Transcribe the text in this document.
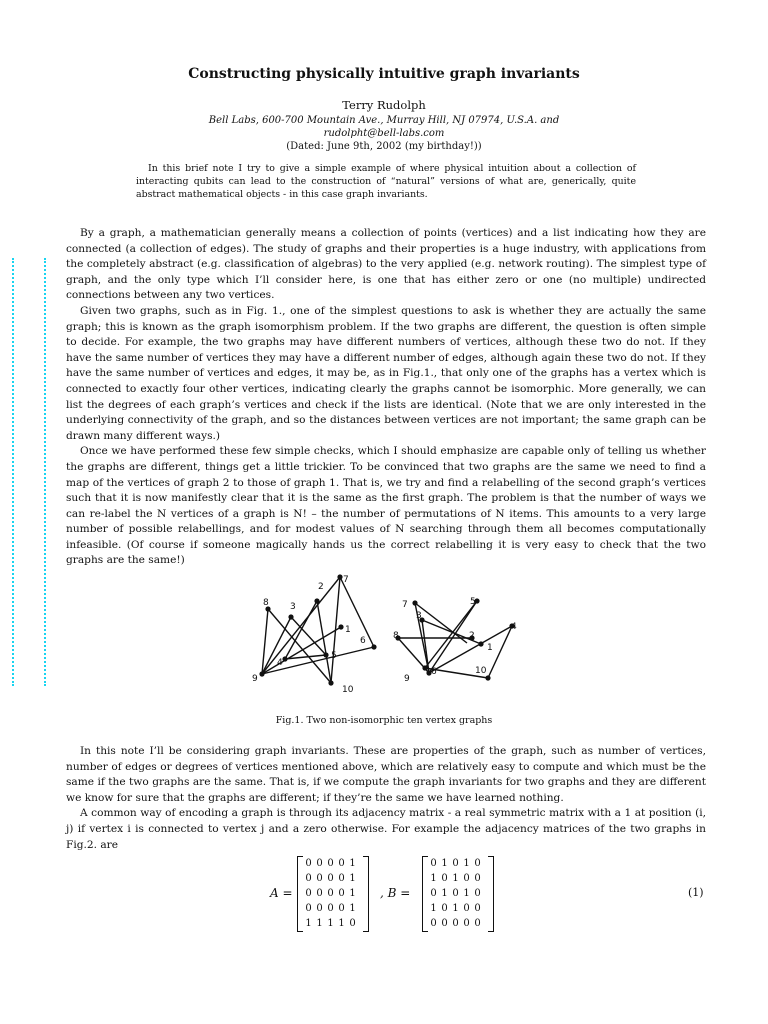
Constructing physically intuitive graph invariants
Terry Rudolph
Bell Labs, 600-700 Mountain Ave., Murray Hill, NJ 07974, U.S.A. and
rudolpht@bell-labs.com
(Dated: June 9th, 2002 (my birthday!))
In this brief note I try to give a simple example of where physical intuition about a collection of interacting qubits can lead to the construction of “natural” versions of what are, generically, quite abstract mathematical objects - in this case graph invariants.

By a graph, a mathematician generally means a collection of points (vertices) and a list indicating how they are connected (a collection of edges). The study of graphs and their properties is a huge industry, with applications from the completely abstract (e.g. classification of algebras) to the very applied (e.g. network routing). The simplest type of graph, and the only type which I’ll consider here, is one that has either zero or one (no multiple) undirected connections between any two vertices.

Given two graphs, such as in Fig. 1., one of the simplest questions to ask is whether they are actually the same graph; this is known as the graph isomorphism problem. If the two graphs are different, the question is often simple to decide. For example, the two graphs may have different numbers of vertices, although these two do not. If they have the same number of vertices they may have a different number of edges, although again these two do not. If they have the same number of vertices and edges, it may be, as in Fig.1., that only one of the graphs has a vertex which is connected to exactly four other vertices, indicating clearly the graphs cannot be isomorphic. More generally, we can list the degrees of each graph’s vertices and check if the lists are identical. (Note that we are only interested in the underlying connectivity of the graph, and so the distances between vertices are not important; the same graph can be drawn many different ways.)

Once we have performed these few simple checks, which I should emphasize are capable only of telling us whether the graphs are different, things get a little trickier. To be convinced that two graphs are the same we need to find a map of the vertices of graph 2 to those of graph 1. That is, we try and find a relabelling of the second graph’s vertices such that it is now manifestly clear that it is the same as the first graph. The problem is that the number of ways we can re-label the N vertices of a graph is N! – the number of permutations of N items. This amounts to a very large number of possible relabellings, and for modest values of N searching through them all becomes computationally infeasible. (Of course if someone magically hands us the correct relabelling it is very easy to check that the two graphs are the same!)

1
2
3
4
5
6
7
8
9
10
1
2
3
4
5
6
7
8
9
10
Fig.1. Two non-isomorphic ten vertex graphs

In this note I’ll be considering graph invariants. These are properties of the graph, such as number of vertices, number of edges or degrees of vertices mentioned above, which are relatively easy to compute and which must be the same if the two graphs are the same. That is, if we compute the graph invariants for two graphs and they are different we know for sure that the graphs are different; if they’re the same we have learned nothing.

A common way of encoding a graph is through its adjacency matrix - a real symmetric matrix with a 1 at position (i, j) if vertex i is connected to vertex j and a zero otherwise. For example the adjacency matrices of the two graphs in Fig.2. are

A =
0 0 0 0 1
0 0 0 0 1
0 0 0 0 1
0 0 0 0 1
1 1 1 1 0
, B =
0 1 0 1 0
1 0 1 0 0
0 1 0 1 0
1 0 1 0 0
0 0 0 0 0
(1)
